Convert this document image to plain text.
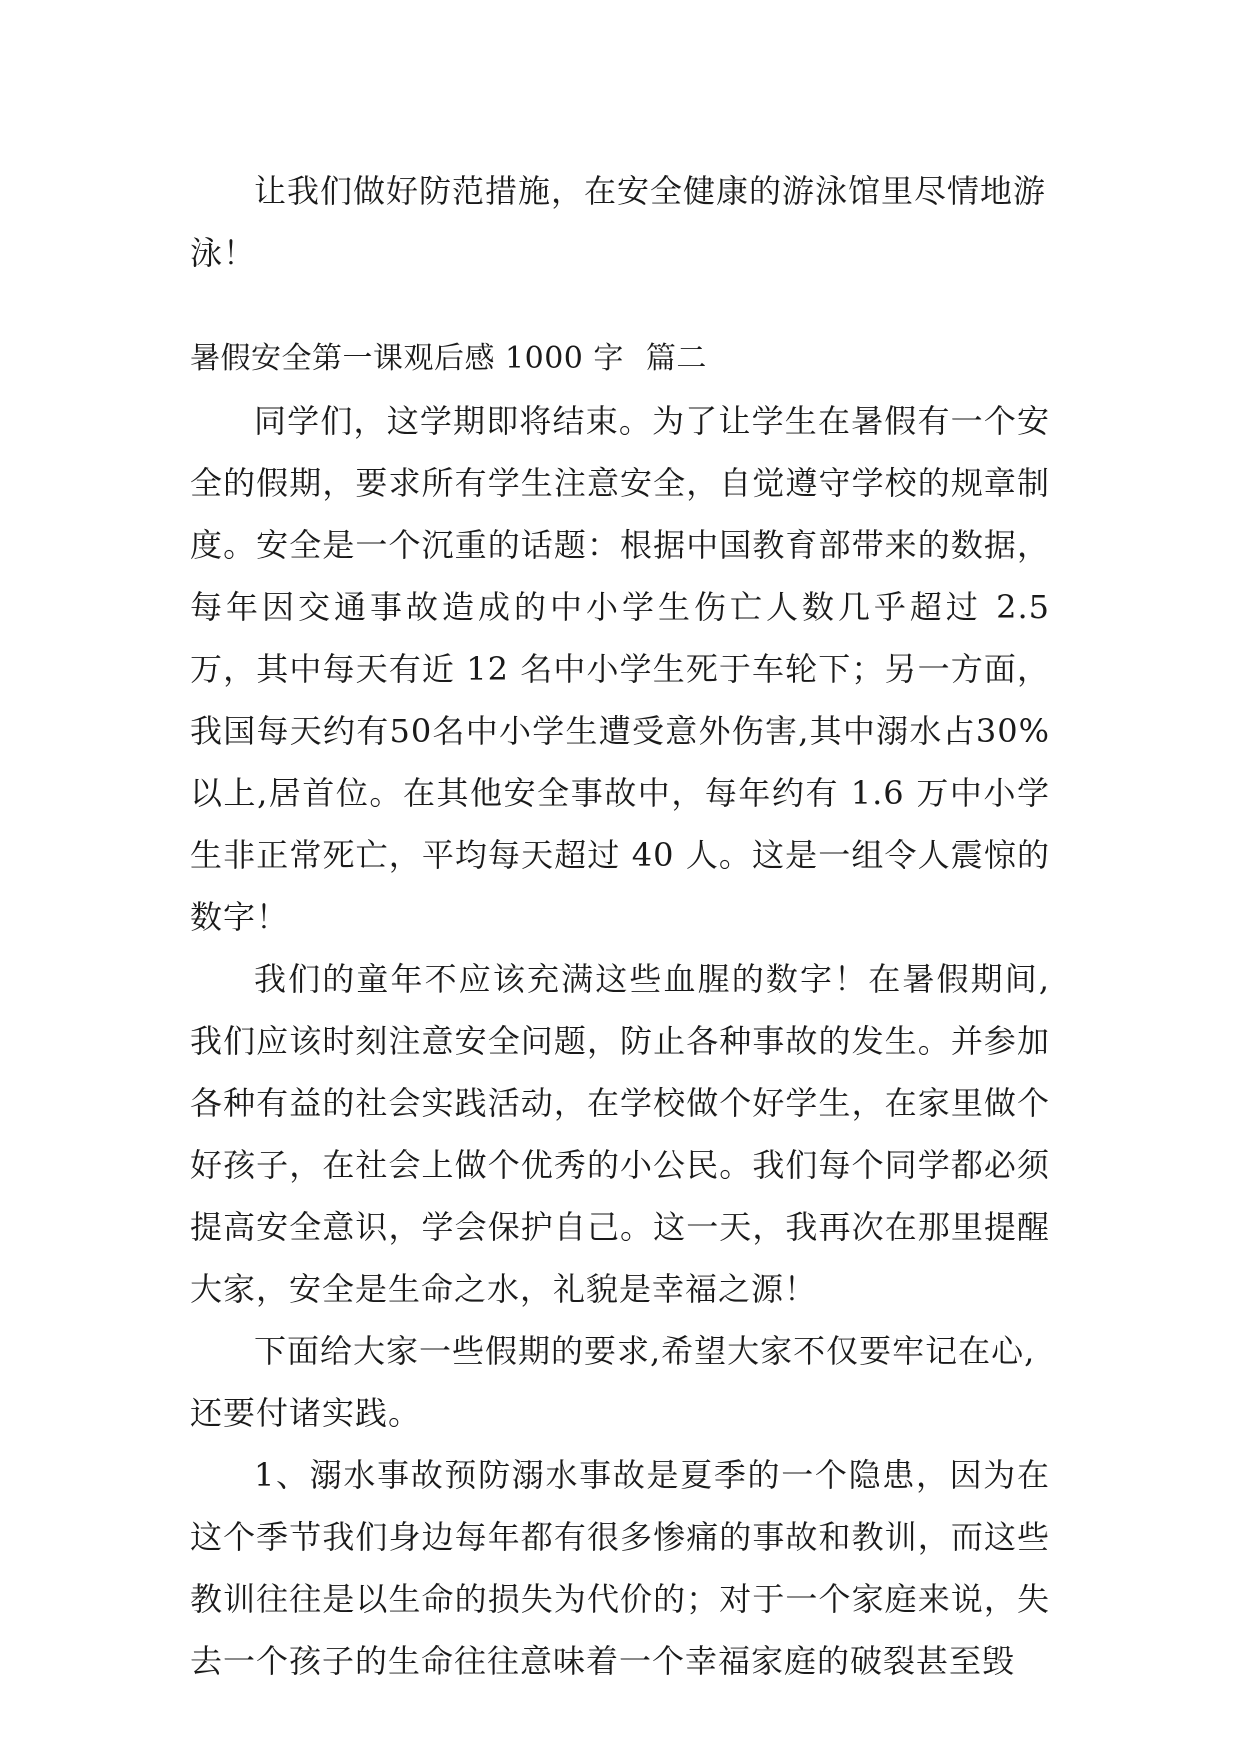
让我们做好防范措施，在安全健康的游泳馆里尽情地游
泳！

暑假安全第一课观后感 1000 字 篇二

同学们，这学期即将结束。为了让学生在暑假有一个安全的假期，要求所有学生注意安全，自觉遵守学校的规章制度。安全是一个沉重的话题：根据中国教育部带来的数据，每年因交通事故造成的中小学生伤亡人数几乎超过 2.5 万，其中每天有近 12 名中小学生死于车轮下；另一方面，我国每天约有50名中小学生遭受意外伤害,其中溺水占30%以上,居首位。在其他安全事故中，每年约有 1.6 万中小学生非正常死亡，平均每天超过 40 人。这是一组令人震惊的数字！

我们的童年不应该充满这些血腥的数字！在暑假期间,我们应该时刻注意安全问题，防止各种事故的发生。并参加各种有益的社会实践活动，在学校做个好学生，在家里做个好孩子，在社会上做个优秀的小公民。我们每个同学都必须提高安全意识，学会保护自己。这一天，我再次在那里提醒大家，安全是生命之水，礼貌是幸福之源！

下面给大家一些假期的要求,希望大家不仅要牢记在心,
还要付诸实践。

1、溺水事故预防溺水事故是夏季的一个隐患，因为在这个季节我们身边每年都有很多惨痛的事故和教训，而这些教训往往是以生命的损失为代价的；对于一个家庭来说，失去一个孩子的生命往往意味着一个幸福家庭的破裂甚至毁
